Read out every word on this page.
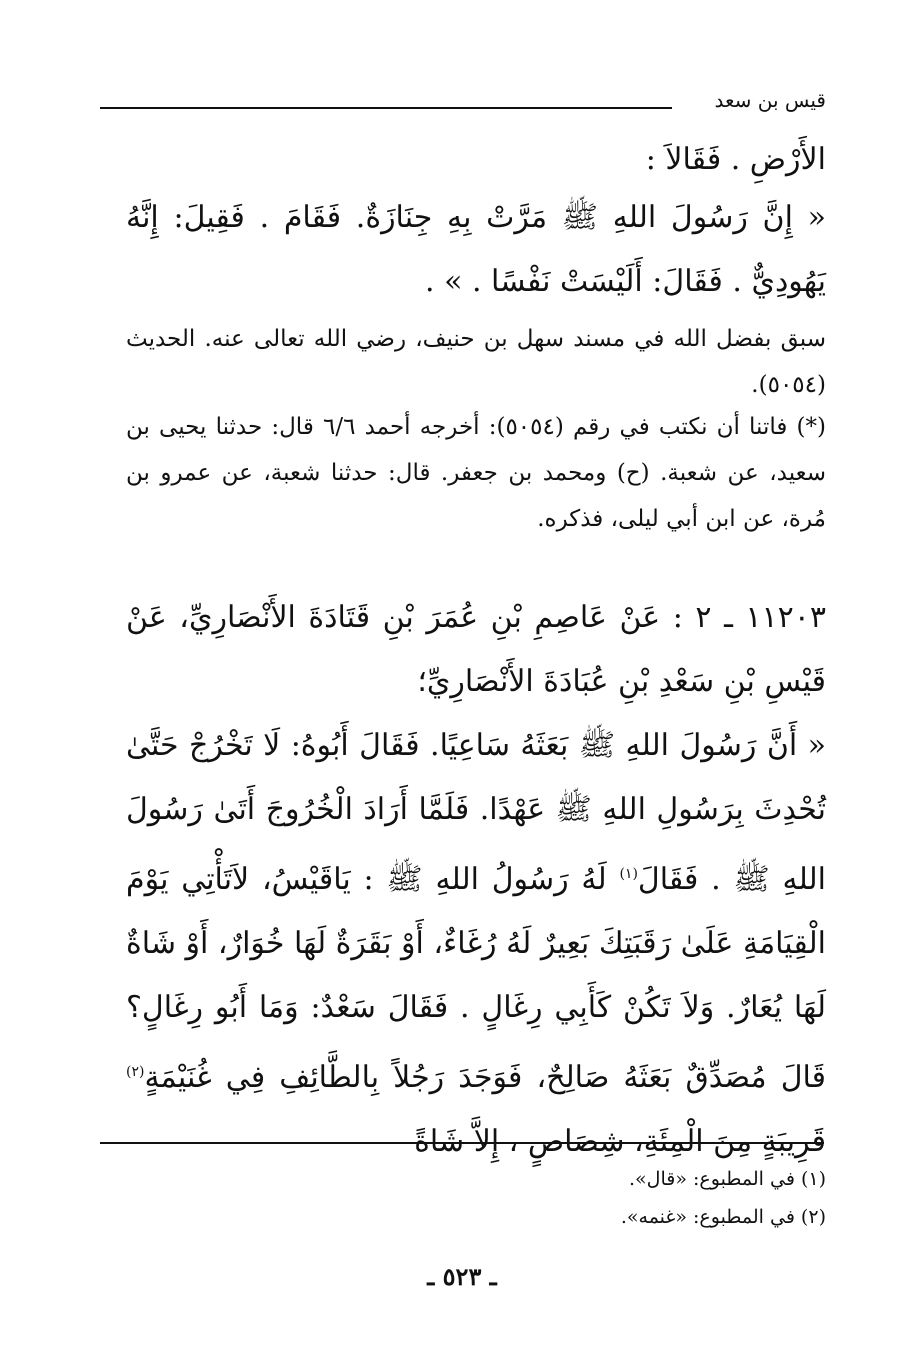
قيس بن سعد
الأَرْضِ . فَقَالاَ :
« إِنَّ رَسُولَ اللهِ ﷺ مَرَّتْ بِهِ جِنَازَةٌ. فَقَامَ . فَقِيلَ: إِنَّهُ يَهُودِيٌّ . فَقَالَ: أَلَيْسَتْ نَفْسًا . » .
سبق بفضل الله في مسند سهل بن حنيف، رضي الله تعالى عنه. الحديث (٥٠٥٤).
(*) فاتنا أن نكتب في رقم (٥٠٥٤): أخرجه أحمد ٦/٦ قال: حدثنا يحيى بن سعيد، عن شعبة. (ح) ومحمد بن جعفر. قال: حدثنا شعبة، عن عمرو بن مُرة، عن ابن أبي ليلى، فذكره.
١١٢٠٣ ـ ٢ : عَنْ عَاصِمِ بْنِ عُمَرَ بْنِ قَتَادَةَ الأَنْصَارِيِّ، عَنْ قَيْسِ بْنِ سَعْدِ بْنِ عُبَادَةَ الأَنْصَارِيِّ؛
« أَنَّ رَسُولَ اللهِ ﷺ بَعَثَهُ سَاعِيًا. فَقَالَ أَبُوهُ: لَا تَخْرُجْ حَتَّىٰ تُحْدِثَ بِرَسُولِ اللهِ ﷺ عَهْدًا. فَلَمَّا أَرَادَ الْخُرُوجَ أَتَىٰ رَسُولَ اللهِ ﷺ . فَقَالَ$^{(١)}$ لَهُ رَسُولُ اللهِ ﷺ : يَاقَيْسُ، لاَتَأْتِي يَوْمَ الْقِيَامَةِ عَلَىٰ رَقَبَتِكَ بَعِيرٌ لَهُ رُغَاءٌ، أَوْ بَقَرَةٌ لَهَا خُوَارٌ، أَوْ شَاةٌ لَهَا يُعَارٌ. وَلاَ تَكُنْ كَأَبِي رِغَالٍ . فَقَالَ سَعْدٌ: وَمَا أَبُو رِغَالٍ؟ قَالَ مُصَدِّقٌ بَعَثَهُ صَالِحٌ، فَوَجَدَ رَجُلاً بِالطَّائِفِ فِي غُنَيْمَةٍ$^{(٢)}$ قَرِيبَةٍ مِنَ الْمِئَةِ، شِصَاصٍ ، إِلاَّ شَاةً
(١) في المطبوع: «قال».
(٢) في المطبوع: «غنمه».
ـ ٥٢٣ ـ
